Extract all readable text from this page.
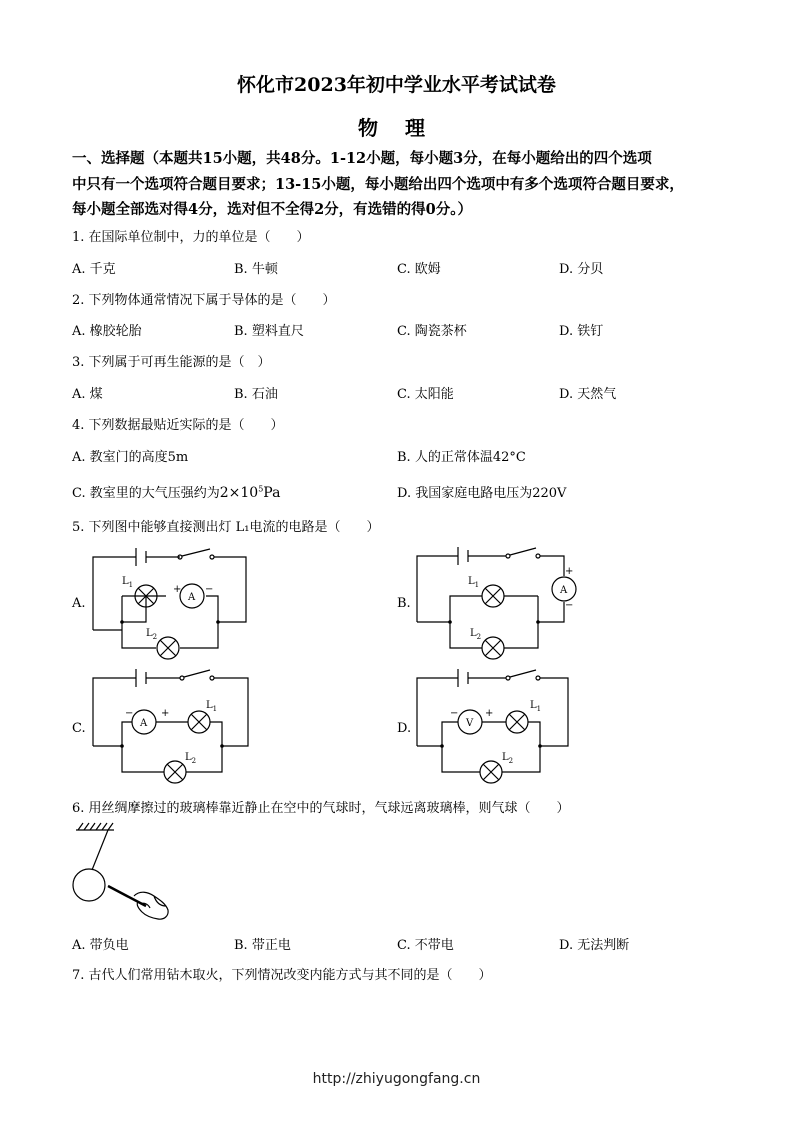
怀化市2023年初中学业水平考试试卷
物 理
一、选择题（本题共15小题，共48分。1-12小题，每小题3分，在每小题给出的四个选项
中只有一个选项符合题目要求；13-15小题，每小题给出四个选项中有多个选项符合题目要求，
每小题全部选对得4分，选对但不全得2分，有选错的得0分。）
1. 在国际单位制中，力的单位是（　　）
A. 千克	B. 牛顿	C. 欧姆	D. 分贝
2. 下列物体通常情况下属于导体的是（　　）
A. 橡胶轮胎	B. 塑料直尺	C. 陶瓷茶杯	D. 铁钉
3. 下列属于可再生能源的是（　）
A. 煤	B. 石油	C. 太阳能	D. 天然气
4. 下列数据最贴近实际的是（　　）
A. 教室门的高度5m	B. 人的正常体温42°C
C. 教室里的大气压强约为$2\times 10^5Pa$	D. 我国家庭电路电压为220V
5. 下列图中能够直接测出灯 L₁电流的电路是（　　）
A.	B.
C.	D.
$L_1$
A
+ −
$L_2$
A
+
−
$L_1$
$L_2$
A
−	+
$L_1$
$L_2$
V
−	+
$L_1$
$L_2$
6. 用丝绸摩擦过的玻璃棒靠近静止在空中的气球时，气球远离玻璃棒，则气球（　　）
A. 带负电	B. 带正电	C. 不带电	D. 无法判断
7. 古代人们常用钻木取火，下列情况改变内能方式与其不同的是（　　）
http://zhiyugongfang.cn
